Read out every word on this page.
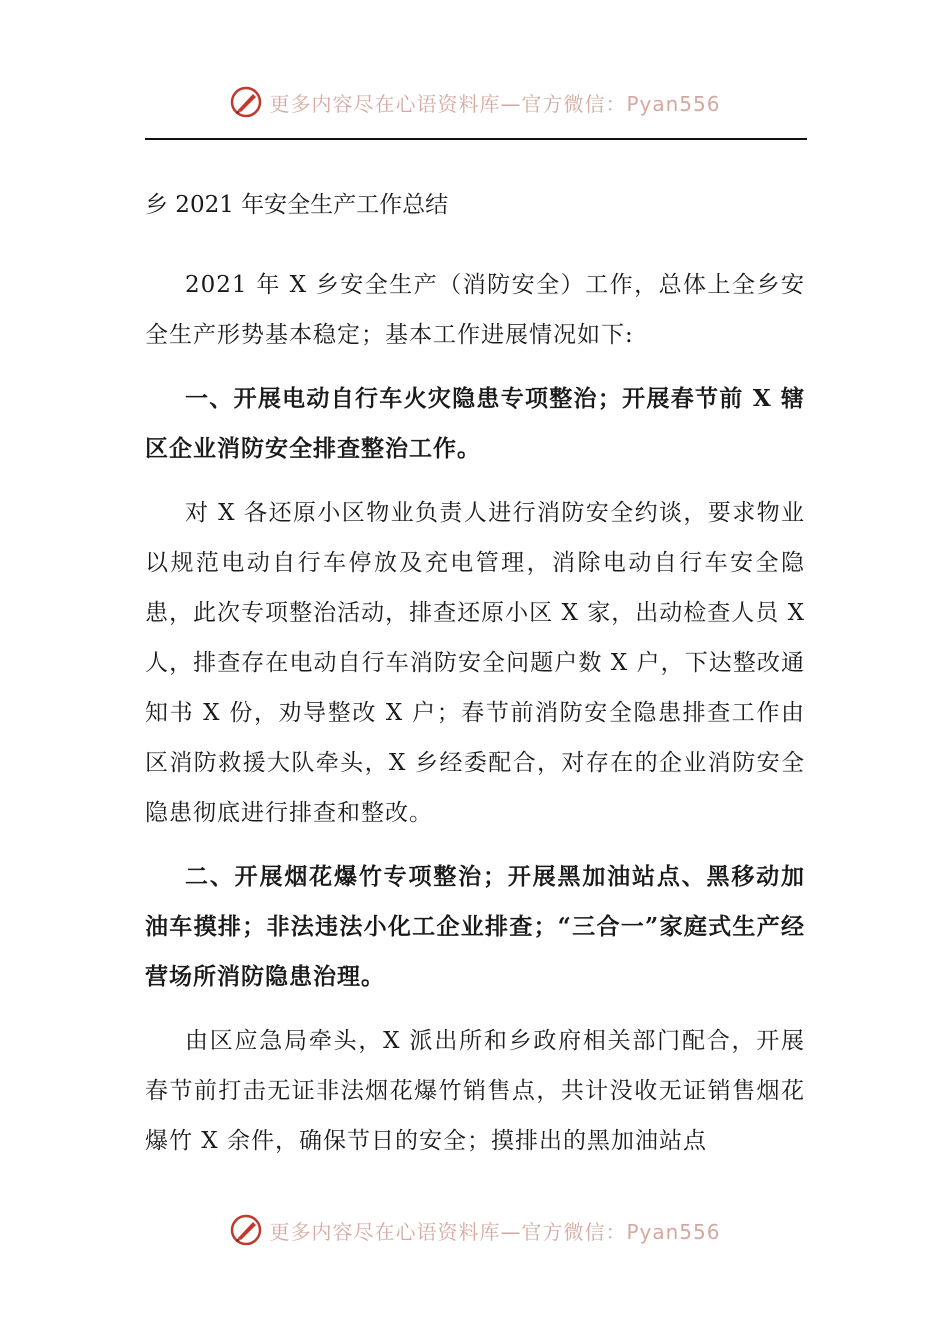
更多内容尽在心语资料库—官方微信：Pyan556

乡 2021 年安全生产工作总结

2021 年 X 乡安全生产（消防安全）工作，总体上全乡安全生产形势基本稳定；基本工作进展情况如下:

一、开展电动自行车火灾隐患专项整治；开展春节前 X 辖区企业消防安全排查整治工作。

对 X 各还原小区物业负责人进行消防安全约谈，要求物业以规范电动自行车停放及充电管理，消除电动自行车安全隐患，此次专项整治活动，排查还原小区 X 家，出动检查人员 X 人，排查存在电动自行车消防安全问题户数 X 户，下达整改通知书 X 份，劝导整改 X 户；春节前消防安全隐患排查工作由区消防救援大队牵头，X 乡经委配合，对存在的企业消防安全隐患彻底进行排查和整改。

二、开展烟花爆竹专项整治；开展黑加油站点、黑移动加油车摸排；非法违法小化工企业排查；“三合一”家庭式生产经营场所消防隐患治理。

由区应急局牵头，X 派出所和乡政府相关部门配合，开展春节前打击无证非法烟花爆竹销售点，共计没收无证销售烟花爆竹 X 余件，确保节日的安全；摸排出的黑加油站点

更多内容尽在心语资料库—官方微信：Pyan556
